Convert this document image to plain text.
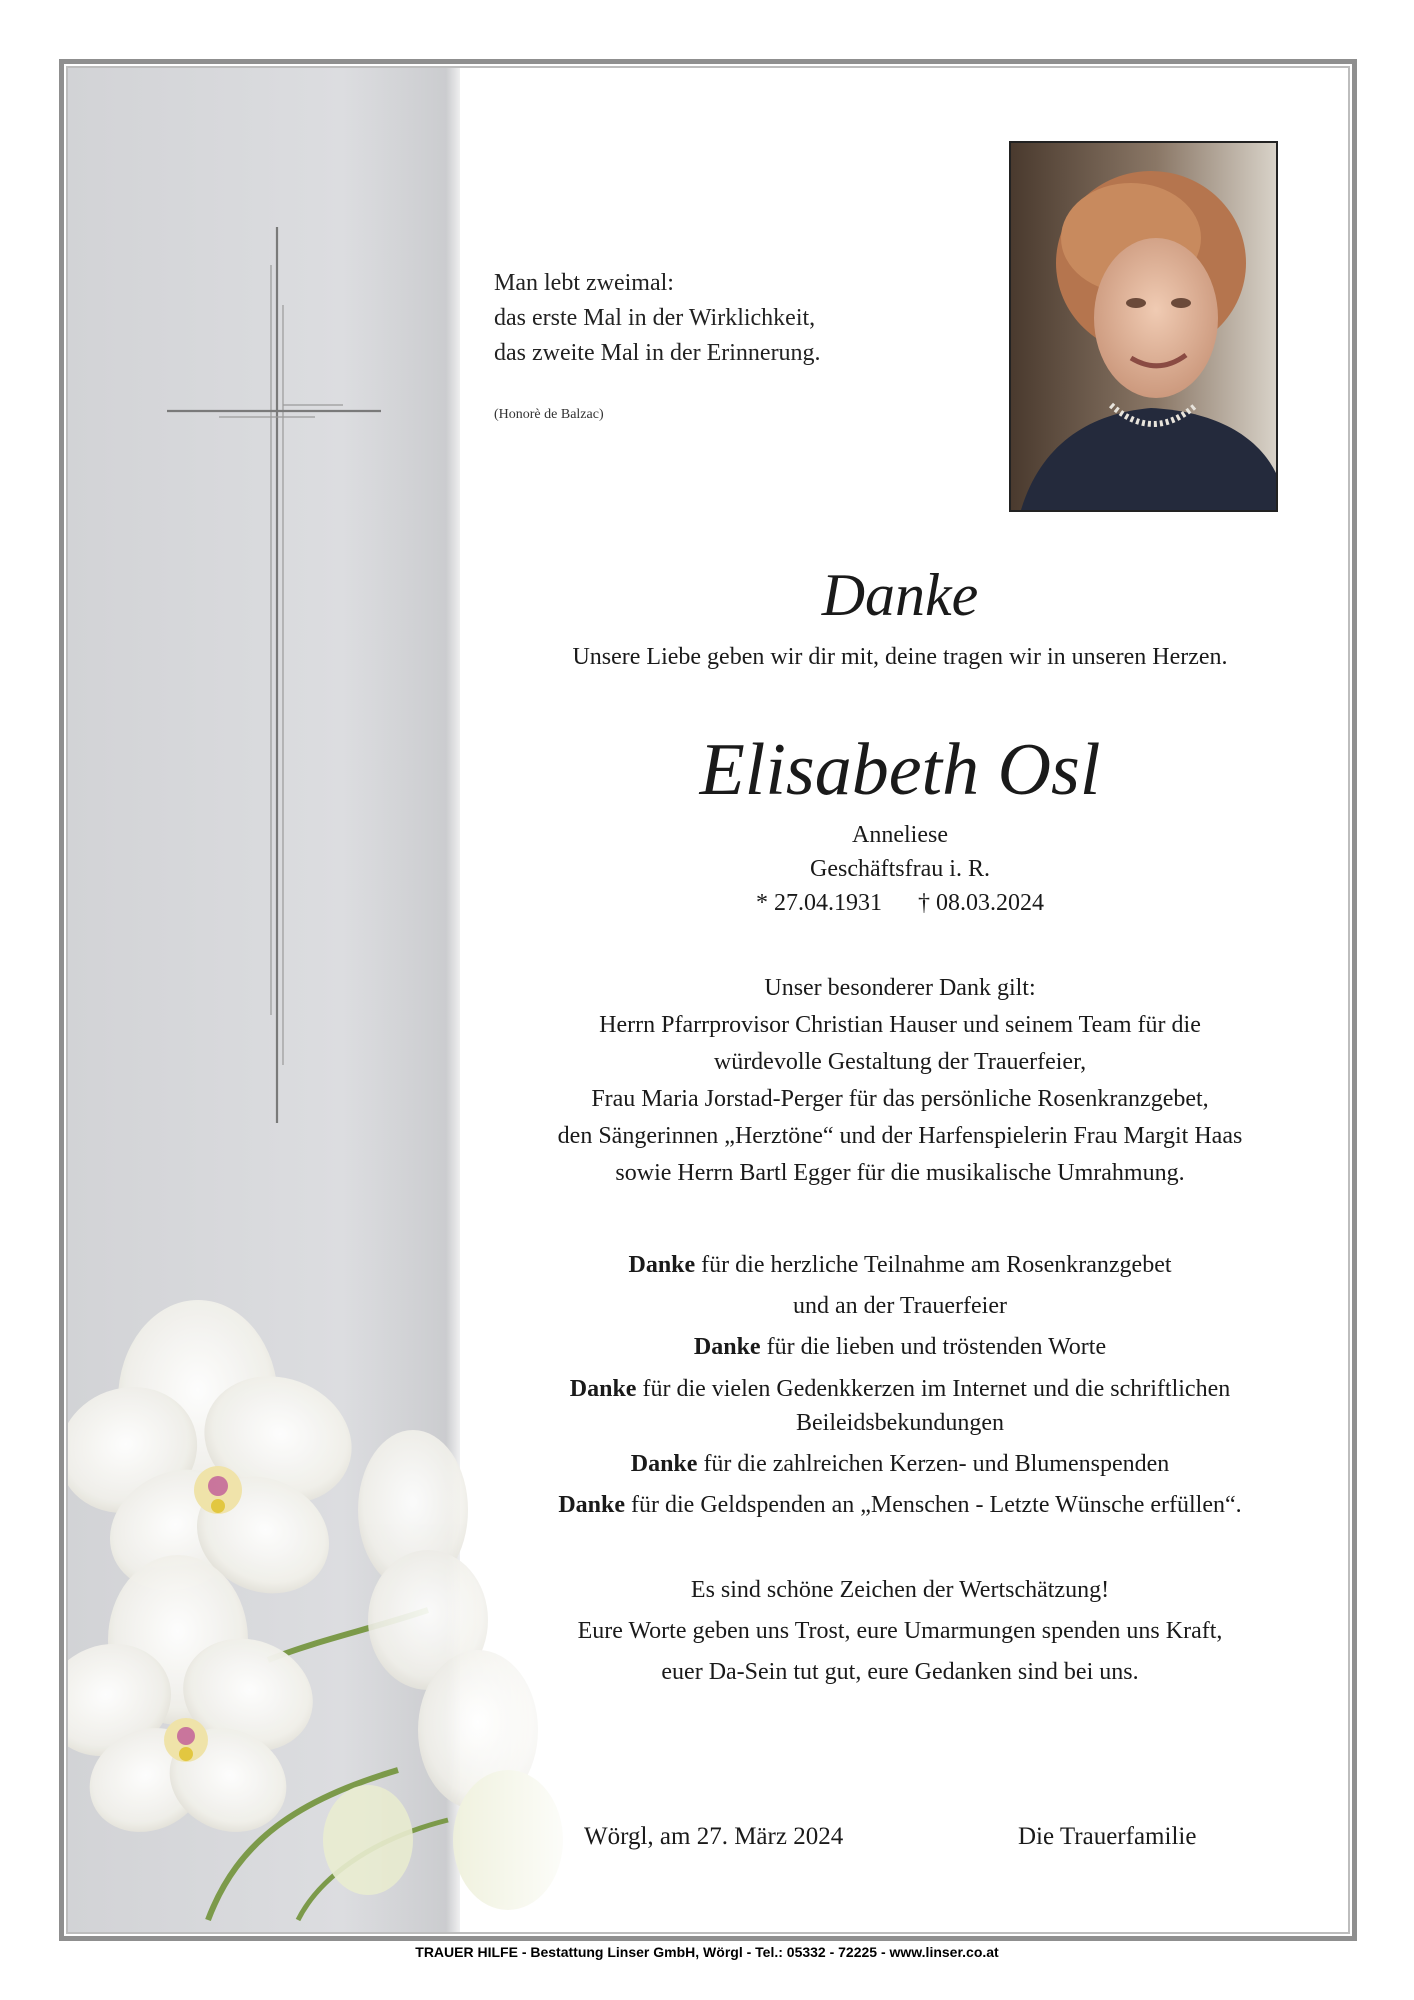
Man lebt zweimal:
das erste Mal in der Wirklichkeit,
das zweite Mal in der Erinnerung.
(Honorè de Balzac)
Danke
Unsere Liebe geben wir dir mit, deine tragen wir in unseren Herzen.
Elisabeth Osl
Anneliese
Geschäftsfrau i. R.
* 27.04.1931 † 08.03.2024
Unser besonderer Dank gilt:
Herrn Pfarrprovisor Christian Hauser und seinem Team für die
würdevolle Gestaltung der Trauerfeier,
Frau Maria Jorstad-Perger für das persönliche Rosenkranzgebet,
den Sängerinnen „Herztöne“ und der Harfenspielerin Frau Margit Haas
sowie Herrn Bartl Egger für die musikalische Umrahmung.
Danke für die herzliche Teilnahme am Rosenkranzgebet
und an der Trauerfeier
Danke für die lieben und tröstenden Worte
Danke für die vielen Gedenkkerzen im Internet und die schriftlichen
Beileidsbekundungen
Danke für die zahlreichen Kerzen- und Blumenspenden
Danke für die Geldspenden an „Menschen - Letzte Wünsche erfüllen“.
Es sind schöne Zeichen der Wertschätzung!
Eure Worte geben uns Trost, eure Umarmungen spenden uns Kraft,
euer Da-Sein tut gut, eure Gedanken sind bei uns.
Wörgl, am 27. März 2024	Die Trauerfamilie
TRAUER HILFE - Bestattung Linser GmbH, Wörgl - Tel.: 05332 - 72225 - www.linser.co.at
